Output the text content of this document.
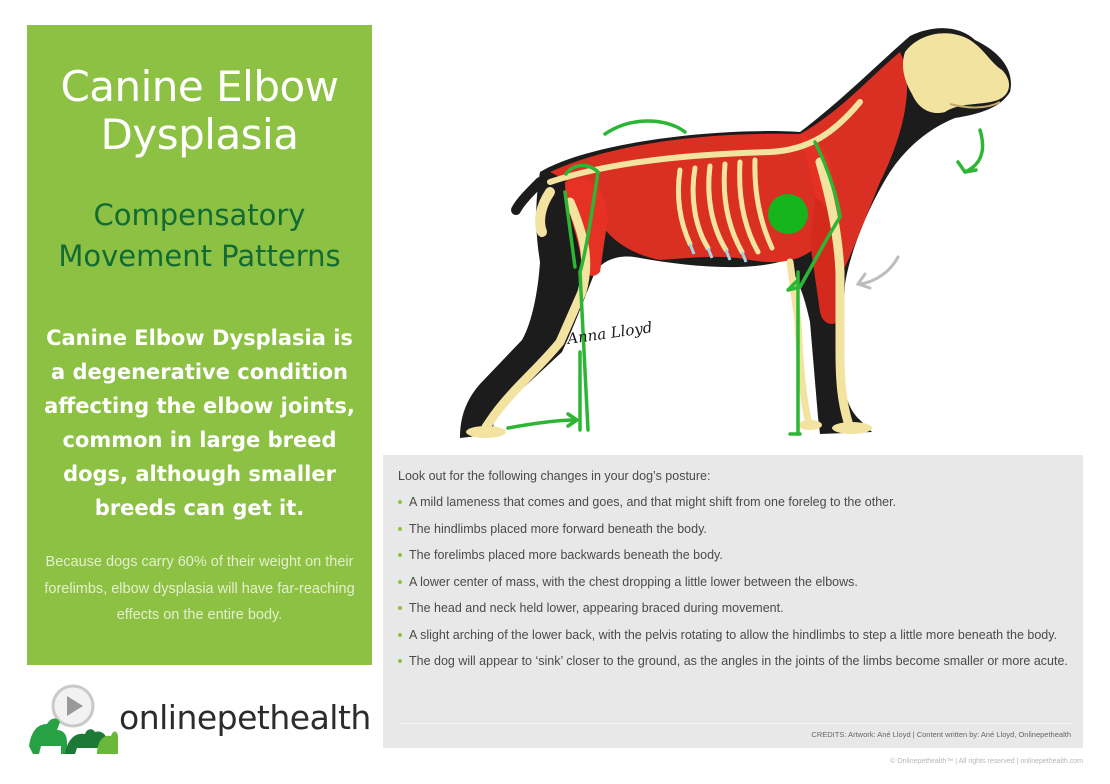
Canine Elbow Dysplasia
Compensatory Movement Patterns

Canine Elbow Dysplasia is a degenerative condition affecting the elbow joints, common in large breed dogs, although smaller breeds can get it.

Because dogs carry 60% of their weight on their forelimbs, elbow dysplasia will have far-reaching effects on the entire body.

onlinepethealth
Anna Lloyd

Look out for the following changes in your dog’s posture:

A mild lameness that comes and goes, and that might shift from one foreleg to the other.
The hindlimbs placed more forward beneath the body.
The forelimbs placed more backwards beneath the body.
A lower center of mass, with the chest dropping a little lower between the elbows.
The head and neck held lower, appearing braced during movement.
A slight arching of the lower back, with the pelvis rotating to allow the hindlimbs to step a little more beneath the body.
The dog will appear to ‘sink’ closer to the ground, as the angles in the joints of the limbs become smaller or more acute.
CREDITS: Artwork: Ané Lloyd | Content written by: Ané Lloyd, Onlinepethealth
© Onlinepethealth™ | All rights reserved | onlinepethealth.com
